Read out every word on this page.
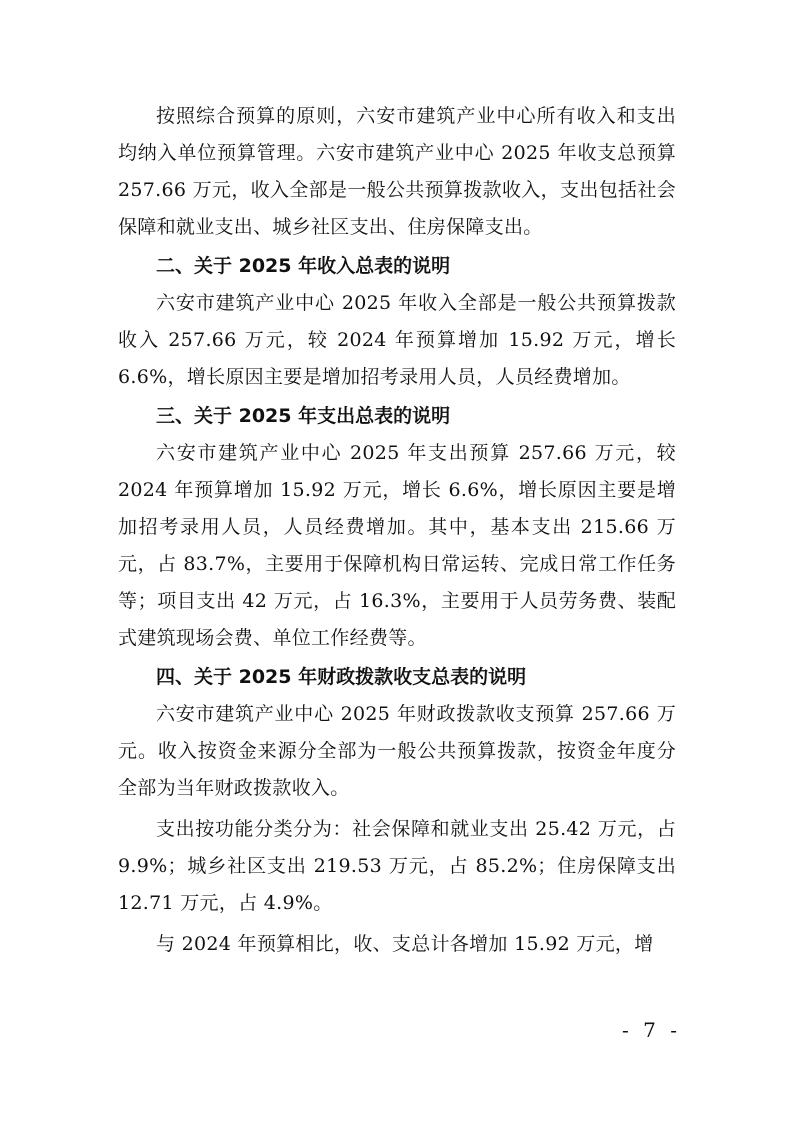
按照综合预算的原则，六安市建筑产业中心所有收入和支出均纳入单位预算管理。六安市建筑产业中心 2025 年收支总预算 257.66 万元，收入全部是一般公共预算拨款收入，支出包括社会保障和就业支出、城乡社区支出、住房保障支出。

二、关于 2025 年收入总表的说明

六安市建筑产业中心 2025 年收入全部是一般公共预算拨款收入 257.66 万元，较 2024 年预算增加 15.92 万元，增长 6.6%，增长原因主要是增加招考录用人员，人员经费增加。

三、关于 2025 年支出总表的说明

六安市建筑产业中心 2025 年支出预算 257.66 万元，较 2024 年预算增加 15.92 万元，增长 6.6%，增长原因主要是增加招考录用人员，人员经费增加。其中，基本支出 215.66 万元，占 83.7%，主要用于保障机构日常运转、完成日常工作任务等；项目支出 42 万元，占 16.3%，主要用于人员劳务费、装配式建筑现场会费、单位工作经费等。

四、关于 2025 年财政拨款收支总表的说明

六安市建筑产业中心 2025 年财政拨款收支预算 257.66 万元。收入按资金来源分全部为一般公共预算拨款，按资金年度分全部为当年财政拨款收入。

支出按功能分类分为：社会保障和就业支出 25.42 万元，占 9.9%；城乡社区支出 219.53 万元，占 85.2%；住房保障支出 12.71 万元，占 4.9%。

与 2024 年预算相比，收、支总计各增加 15.92 万元，增

- 7 -
